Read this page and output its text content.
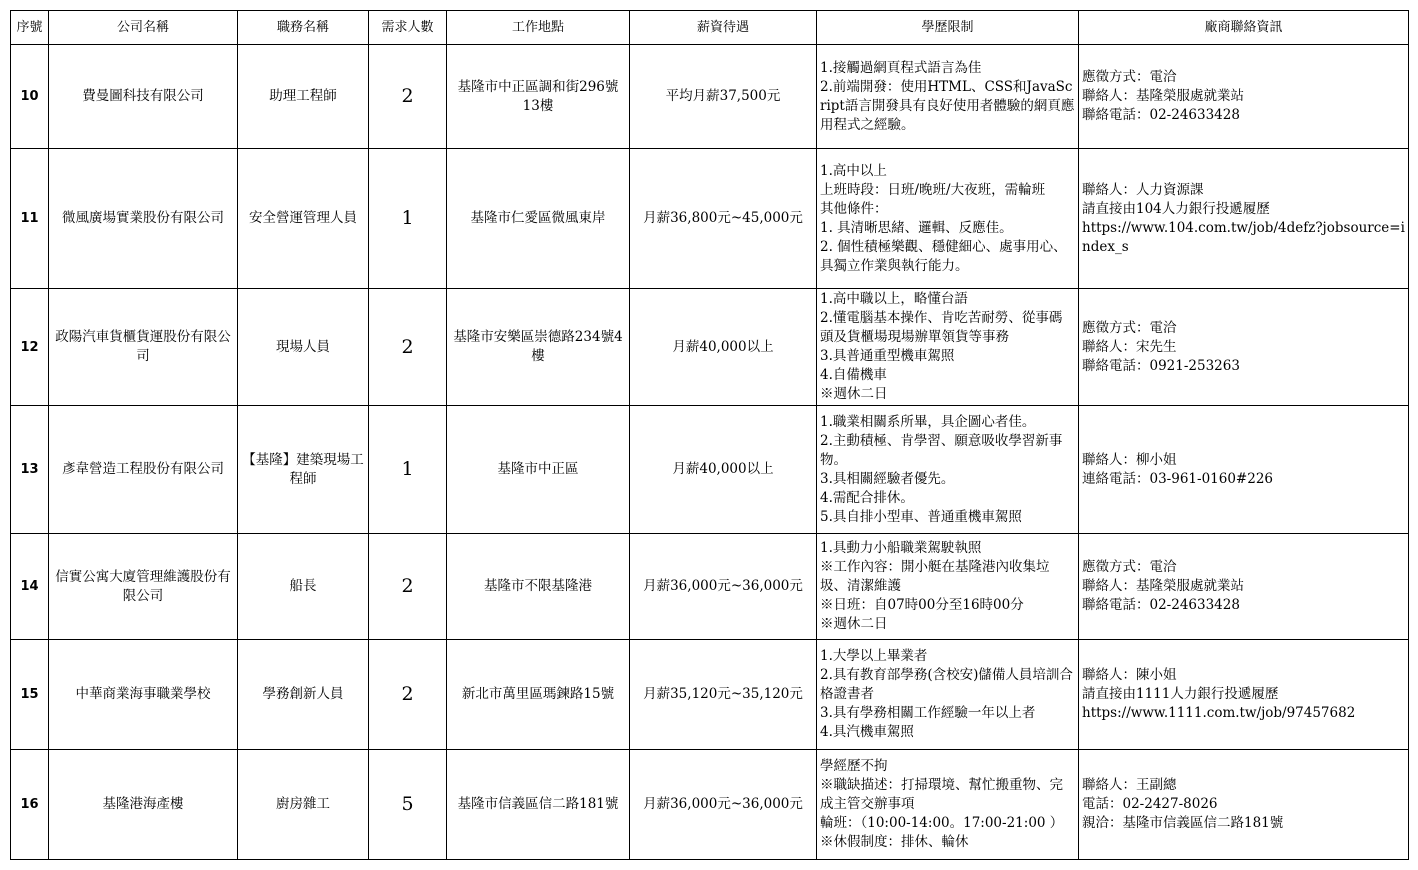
序號	公司名稱	職務名稱	需求人數	工作地點	薪資待遇	學歷限制	廠商聯絡資訊
10	費曼圖科技有限公司	助理工程師	2	基隆市中正區調和街296號13樓	平均月薪37,500元	1.接觸過網頁程式語言為佳
2.前端開發：使用HTML、CSS和JavaScript語言開發具有良好使用者體驗的網頁應用程式之經驗。	應徵方式：電洽
聯絡人：基隆榮服處就業站
聯絡電話：02-24633428

11	微風廣場實業股份有限公司	安全營運管理人員	1	基隆市仁愛區微風東岸	月薪36,800元~45,000元	1.高中以上
上班時段：日班/晚班/大夜班，需輪班
其他條件：
1. 具清晰思緒、邏輯、反應佳。
2. 個性積極樂觀、穩健細心、處事用心、具獨立作業與執行能力。	聯絡人：人力資源課
請直接由104人力銀行投遞履歷
https://www.104.com.tw/job/4defz?jobsource=index_s

12	政陽汽車貨櫃貨運股份有限公司	現場人員	2	基隆市安樂區崇德路234號4樓	月薪40,000以上	1.高中職以上，略懂台語
2.懂電腦基本操作、肯吃苦耐勞、從事碼頭及貨櫃場現場辦單領貨等事務
3.具普通重型機車駕照
4.自備機車
※週休二日	應徵方式：電洽
聯絡人：宋先生
聯絡電話：0921-253263

13	彥韋營造工程股份有限公司	【基隆】建築現場工程師	1	基隆市中正區	月薪40,000以上	1.職業相關系所畢，具企圖心者佳。
2.主動積極、肯學習、願意吸收學習新事物。
3.具相關經驗者優先。
4.需配合排休。
5.具自排小型車、普通重機車駕照	聯絡人：柳小姐
連絡電話：03-961-0160#226

14	信實公寓大廈管理維護股份有限公司	船長	2	基隆市不限基隆港	月薪36,000元~36,000元	1.具動力小船職業駕駛執照
※工作內容：開小艇在基隆港內收集垃圾、清潔維護
※日班：自07時00分至16時00分
※週休二日	應徵方式：電洽
聯絡人：基隆榮服處就業站
聯絡電話：02-24633428

15	中華商業海事職業學校	學務創新人員	2	新北市萬里區瑪鍊路15號	月薪35,120元~35,120元	1.大學以上畢業者
2.具有教育部學務(含校安)儲備人員培訓合格證書者
3.具有學務相關工作經驗一年以上者
4.具汽機車駕照	聯絡人：陳小姐
請直接由1111人力銀行投遞履歷
https://www.1111.com.tw/job/97457682

16	基隆港海產樓	廚房雜工	5	基隆市信義區信二路181號	月薪36,000元~36,000元	學經歷不拘
※職缺描述：打掃環境、幫忙搬重物、完成主管交辦事項
輪班：（10:00-14:00。17:00-21:00 ）
※休假制度：排休、輪休	聯絡人：王副總
電話：02-2427-8026
親洽：基隆市信義區信二路181號
